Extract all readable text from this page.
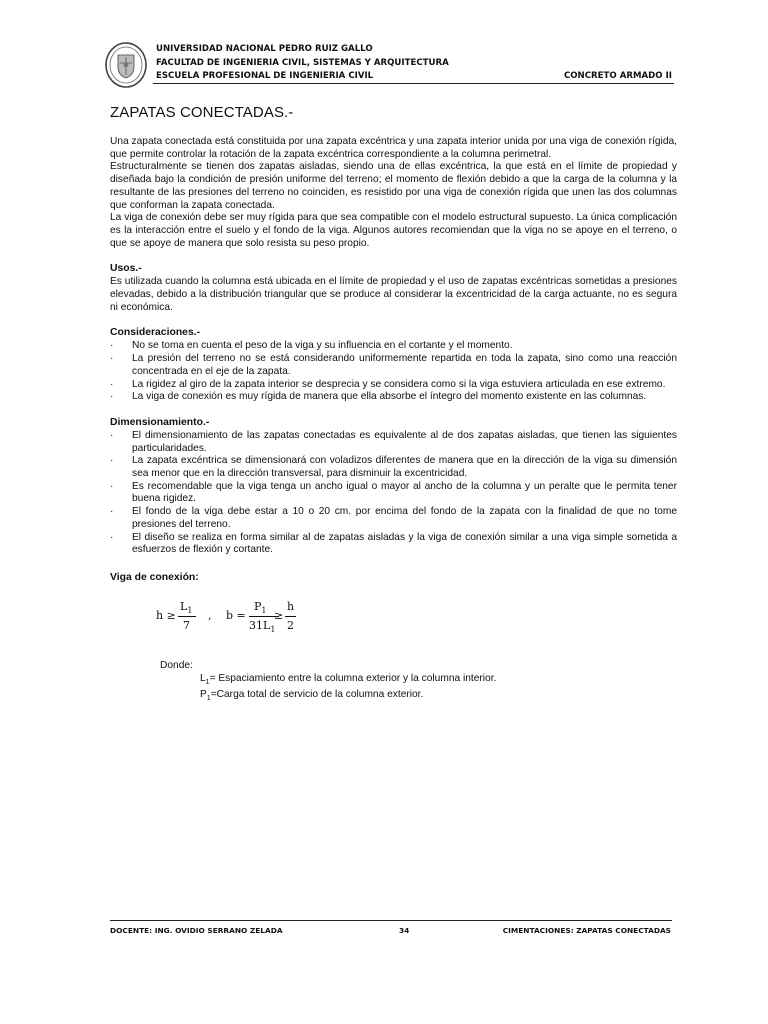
UNIVERSIDAD NACIONAL PEDRO RUIZ GALLO
FACULTAD DE INGENIERIA CIVIL, SISTEMAS Y ARQUITECTURA
ESCUELA PROFESIONAL DE INGENIERIA CIVIL	CONCRETO ARMADO II
ZAPATAS CONECTADAS.-

Una zapata conectada está constituida por una zapata excéntrica y una zapata interior unida por una viga de conexión rígida, que permite controlar la rotación de la zapata excéntrica correspondiente a la columna perimetral.

Estructuralmente se tienen dos zapatas aisladas, siendo una de ellas excéntrica, la que está en el límite de propiedad y diseñada bajo la condición de presión uniforme del terreno; el momento de flexión debido a que la carga de la columna y la resultante de las presiones del terreno no coinciden, es resistido por una viga de conexión rígida que unen las dos columnas que conforman la zapata conectada.

La viga de conexión debe ser muy rígida para que sea compatible con el modelo estructural supuesto. La única complicación es la interacción entre el suelo y el fondo de la viga. Algunos autores recomiendan que la viga no se apoye en el terreno, o que se apoye de manera que solo resista su peso propio.

Usos.-

Es utilizada cuando la columna está ubicada en el límite de propiedad y el uso de zapatas excéntricas sometidas a presiones elevadas, debido a la distribución triangular que se produce al considerar la excentricidad de la carga actuante, no es segura ni económica.

Consideraciones.-
· No se toma en cuenta el peso de la viga y su influencia en el cortante y el momento.
· La presión del terreno no se está considerando uniformemente repartida en toda la zapata, sino como una reacción concentrada en el eje de la zapata.
· La rigidez al giro de la zapata interior se desprecia y se considera como si la viga estuviera articulada en ese extremo.
· La viga de conexión es muy rígida de manera que ella absorbe el íntegro del momento existente en las columnas.
Dimensionamiento.-
· El dimensionamiento de las zapatas conectadas es equivalente al de dos zapatas aisladas, que tienen las siguientes particularidades.
· La zapata excéntrica se dimensionará con voladizos diferentes de manera que en la dirección de la viga su dimensión sea menor que en la dirección transversal, para disminuir la excentricidad.
· Es recomendable que la viga tenga un ancho igual o mayor al ancho de la columna y un peralte que le permita tener buena rigidez.
· El fondo de la viga debe estar a 10 o 20 cm. por encima del fondo de la zapata con la finalidad de que no tome presiones del terreno.
· El diseño se realiza en forma similar al de zapatas aisladas y la viga de conexión similar a una viga simple sometida a esfuerzos de flexión y cortante.
Viga de conexión:
h ≥
$L_1$
7
, b =
$P_1$
$31L_1$
≥
h
2
Donde:
$L_1=$ Espaciamiento entre la columna exterior y la columna interior.
$P_1=Carga$ total de servicio de la columna exterior.
DOCENTE: ING. OVIDIO SERRANO ZELADA	34	CIMENTACIONES: ZAPATAS CONECTADAS
